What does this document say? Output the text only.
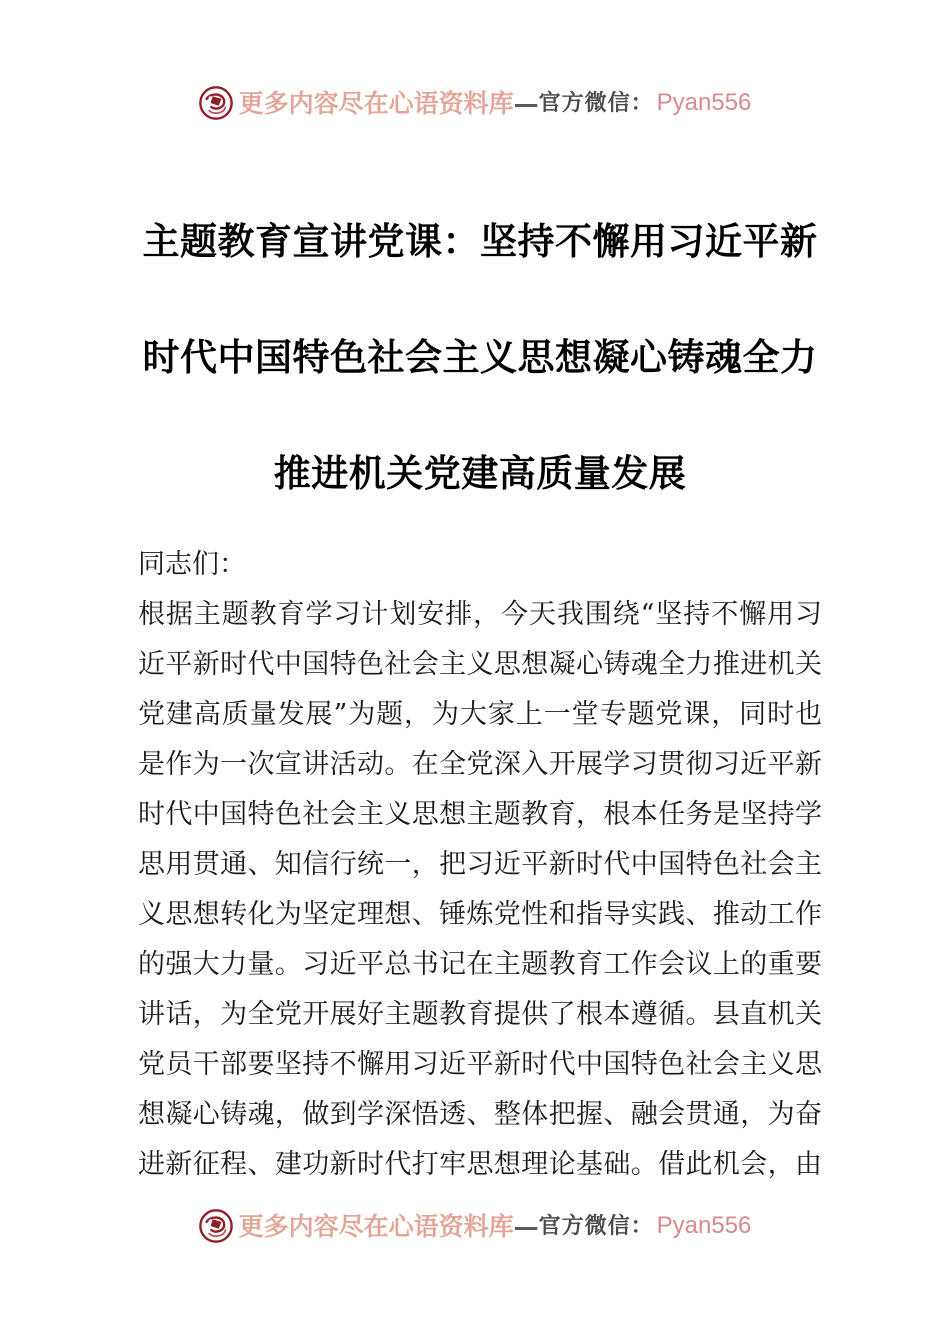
更多内容尽在心语资料库 — 官方微信： Pyan556
主题教育宣讲党课：坚持不懈用习近平新
时代中国特色社会主义思想凝心铸魂全力
推进机关党建高质量发展
同志们：
根据主题教育学习计划安排，今天我围绕“坚持不懈用习
近平新时代中国特色社会主义思想凝心铸魂全力推进机关
党建高质量发展”为题，为大家上一堂专题党课，同时也
是作为一次宣讲活动。在全党深入开展学习贯彻习近平新
时代中国特色社会主义思想主题教育，根本任务是坚持学
思用贯通、知信行统一，把习近平新时代中国特色社会主
义思想转化为坚定理想、锤炼党性和指导实践、推动工作
的强大力量。习近平总书记在主题教育工作会议上的重要
讲话，为全党开展好主题教育提供了根本遵循。县直机关
党员干部要坚持不懈用习近平新时代中国特色社会主义思
想凝心铸魂，做到学深悟透、整体把握、融会贯通，为奋
进新征程、建功新时代打牢思想理论基础。借此机会，由
更多内容尽在心语资料库 — 官方微信： Pyan556
